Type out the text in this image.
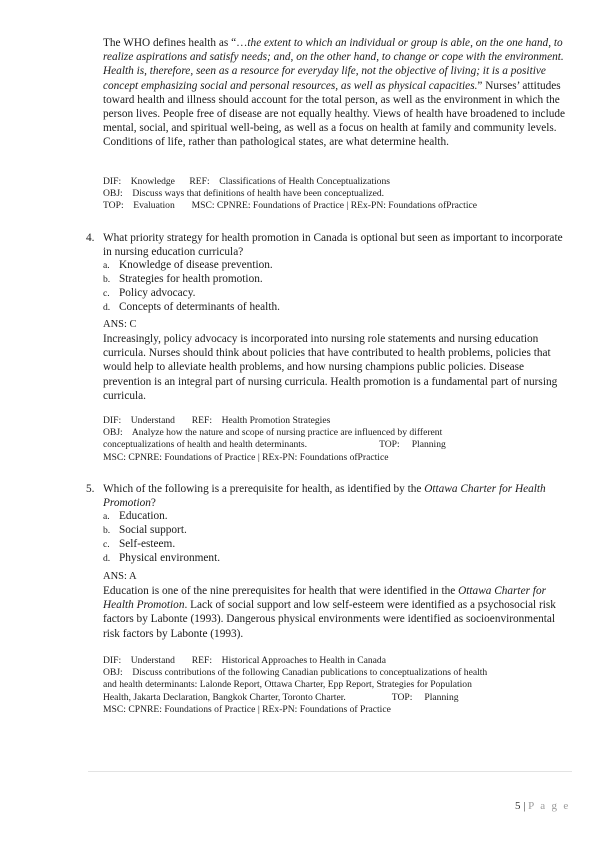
The WHO defines health as “…the extent to which an individual or group is able, on the one hand, to realize aspirations and satisfy needs; and, on the other hand, to change or cope with the environment. Health is, therefore, seen as a resource for everyday life, not the objective of living; it is a positive concept emphasizing social and personal resources, as well as physical capacities.” Nurses’ attitudes toward health and illness should account for the total person, as well as the environment in which the person lives. People free of disease are not equally healthy. Views of health have broadened to include mental, social, and spiritual well-being, as well as a focus on health at family and community levels. Conditions of life, rather than pathological states, are what determine health.
DIF: Knowledge REF: Classifications of Health Conceptualizations
OBJ: Discuss ways that definitions of health have been conceptualized.
TOP: Evaluation MSC: CPNRE: Foundations of Practice | REx-PN: Foundations ofPractice
4. What priority strategy for health promotion in Canada is optional but seen as important to incorporate in nursing education curricula?
a. Knowledge of disease prevention.
b. Strategies for health promotion.
c. Policy advocacy.
d. Concepts of determinants of health.
ANS: C
Increasingly, policy advocacy is incorporated into nursing role statements and nursing education curricula. Nurses should think about policies that have contributed to health problems, policies that would help to alleviate health problems, and how nursing champions public policies. Disease prevention is an integral part of nursing curricula. Health promotion is a fundamental part of nursing curricula.
DIF: Understand REF: Health Promotion Strategies
OBJ: Analyze how the nature and scope of nursing practice are influenced by different
conceptualizations of health and health determinants.	TOP: Planning
MSC: CPNRE: Foundations of Practice | REx-PN: Foundations ofPractice
5. Which of the following is a prerequisite for health, as identified by the Ottawa Charter for Health Promotion?
a. Education.
b. Social support.
c. Self-esteem.
d. Physical environment.
ANS: A
Education is one of the nine prerequisites for health that were identified in the Ottawa Charter for Health Promotion. Lack of social support and low self-esteem were identified as a psychosocial risk factors by Labonte (1993). Dangerous physical environments were identified as socioenvironmental risk factors by Labonte (1993).
DIF: Understand REF: Historical Approaches to Health in Canada
OBJ: Discuss contributions of the following Canadian publications to conceptualizations of health
and health determinants: Lalonde Report, Ottawa Charter, Epp Report, Strategies for Population
Health, Jakarta Declaration, Bangkok Charter, Toronto Charter.	TOP: Planning
MSC: CPNRE: Foundations of Practice | REx-PN: Foundations of Practice
5 | P a g e
